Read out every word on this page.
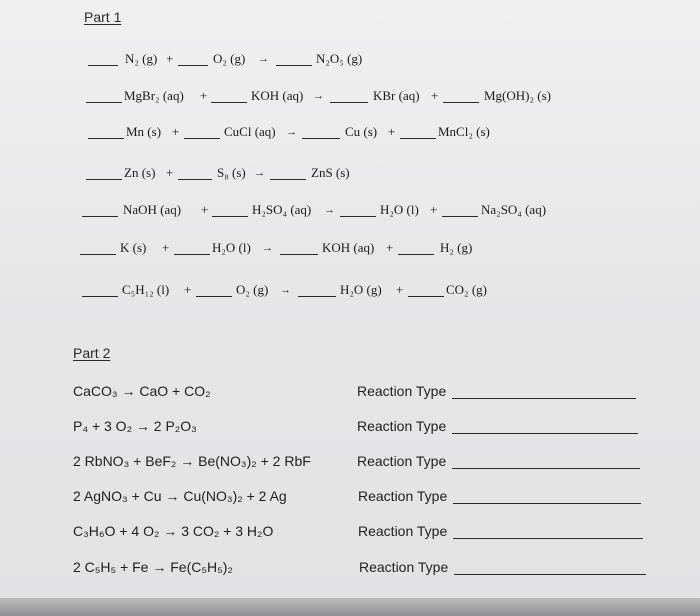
Part 1
N₂ (g) +	O₂ (g) →	N₂O₅ (g)
MgBr₂ (aq) +	KOH (aq) →	KBr (aq) +	Mg(OH)₂ (s)
Mn (s) +	CuCl (aq) →	Cu (s) +	MnCl₂ (s)
Zn (s) +	S₈ (s) →	ZnS (s)
NaOH (aq) +	H₂SO₄ (aq) →	H₂O (l) +	Na₂SO₄ (aq)
K (s) +	H₂O (l) →	KOH (aq) +	H₂ (g)
C₅H₁₂ (l) +	O₂ (g) →	H₂O (g) +	CO₂ (g)
Part 2
CaCO₃ → CaO + CO₂	Reaction Type
P₄ + 3 O₂ → 2 P₂O₃	Reaction Type
2 RbNO₃ + BeF₂ → Be(NO₃)₂ + 2 RbF	Reaction Type
2 AgNO₃ + Cu → Cu(NO₃)₂ + 2 Ag	Reaction Type
C₃H₆O + 4 O₂ → 3 CO₂ + 3 H₂O	Reaction Type
2 C₅H₅ + Fe → Fe(C₅H₅)₂	Reaction Type
